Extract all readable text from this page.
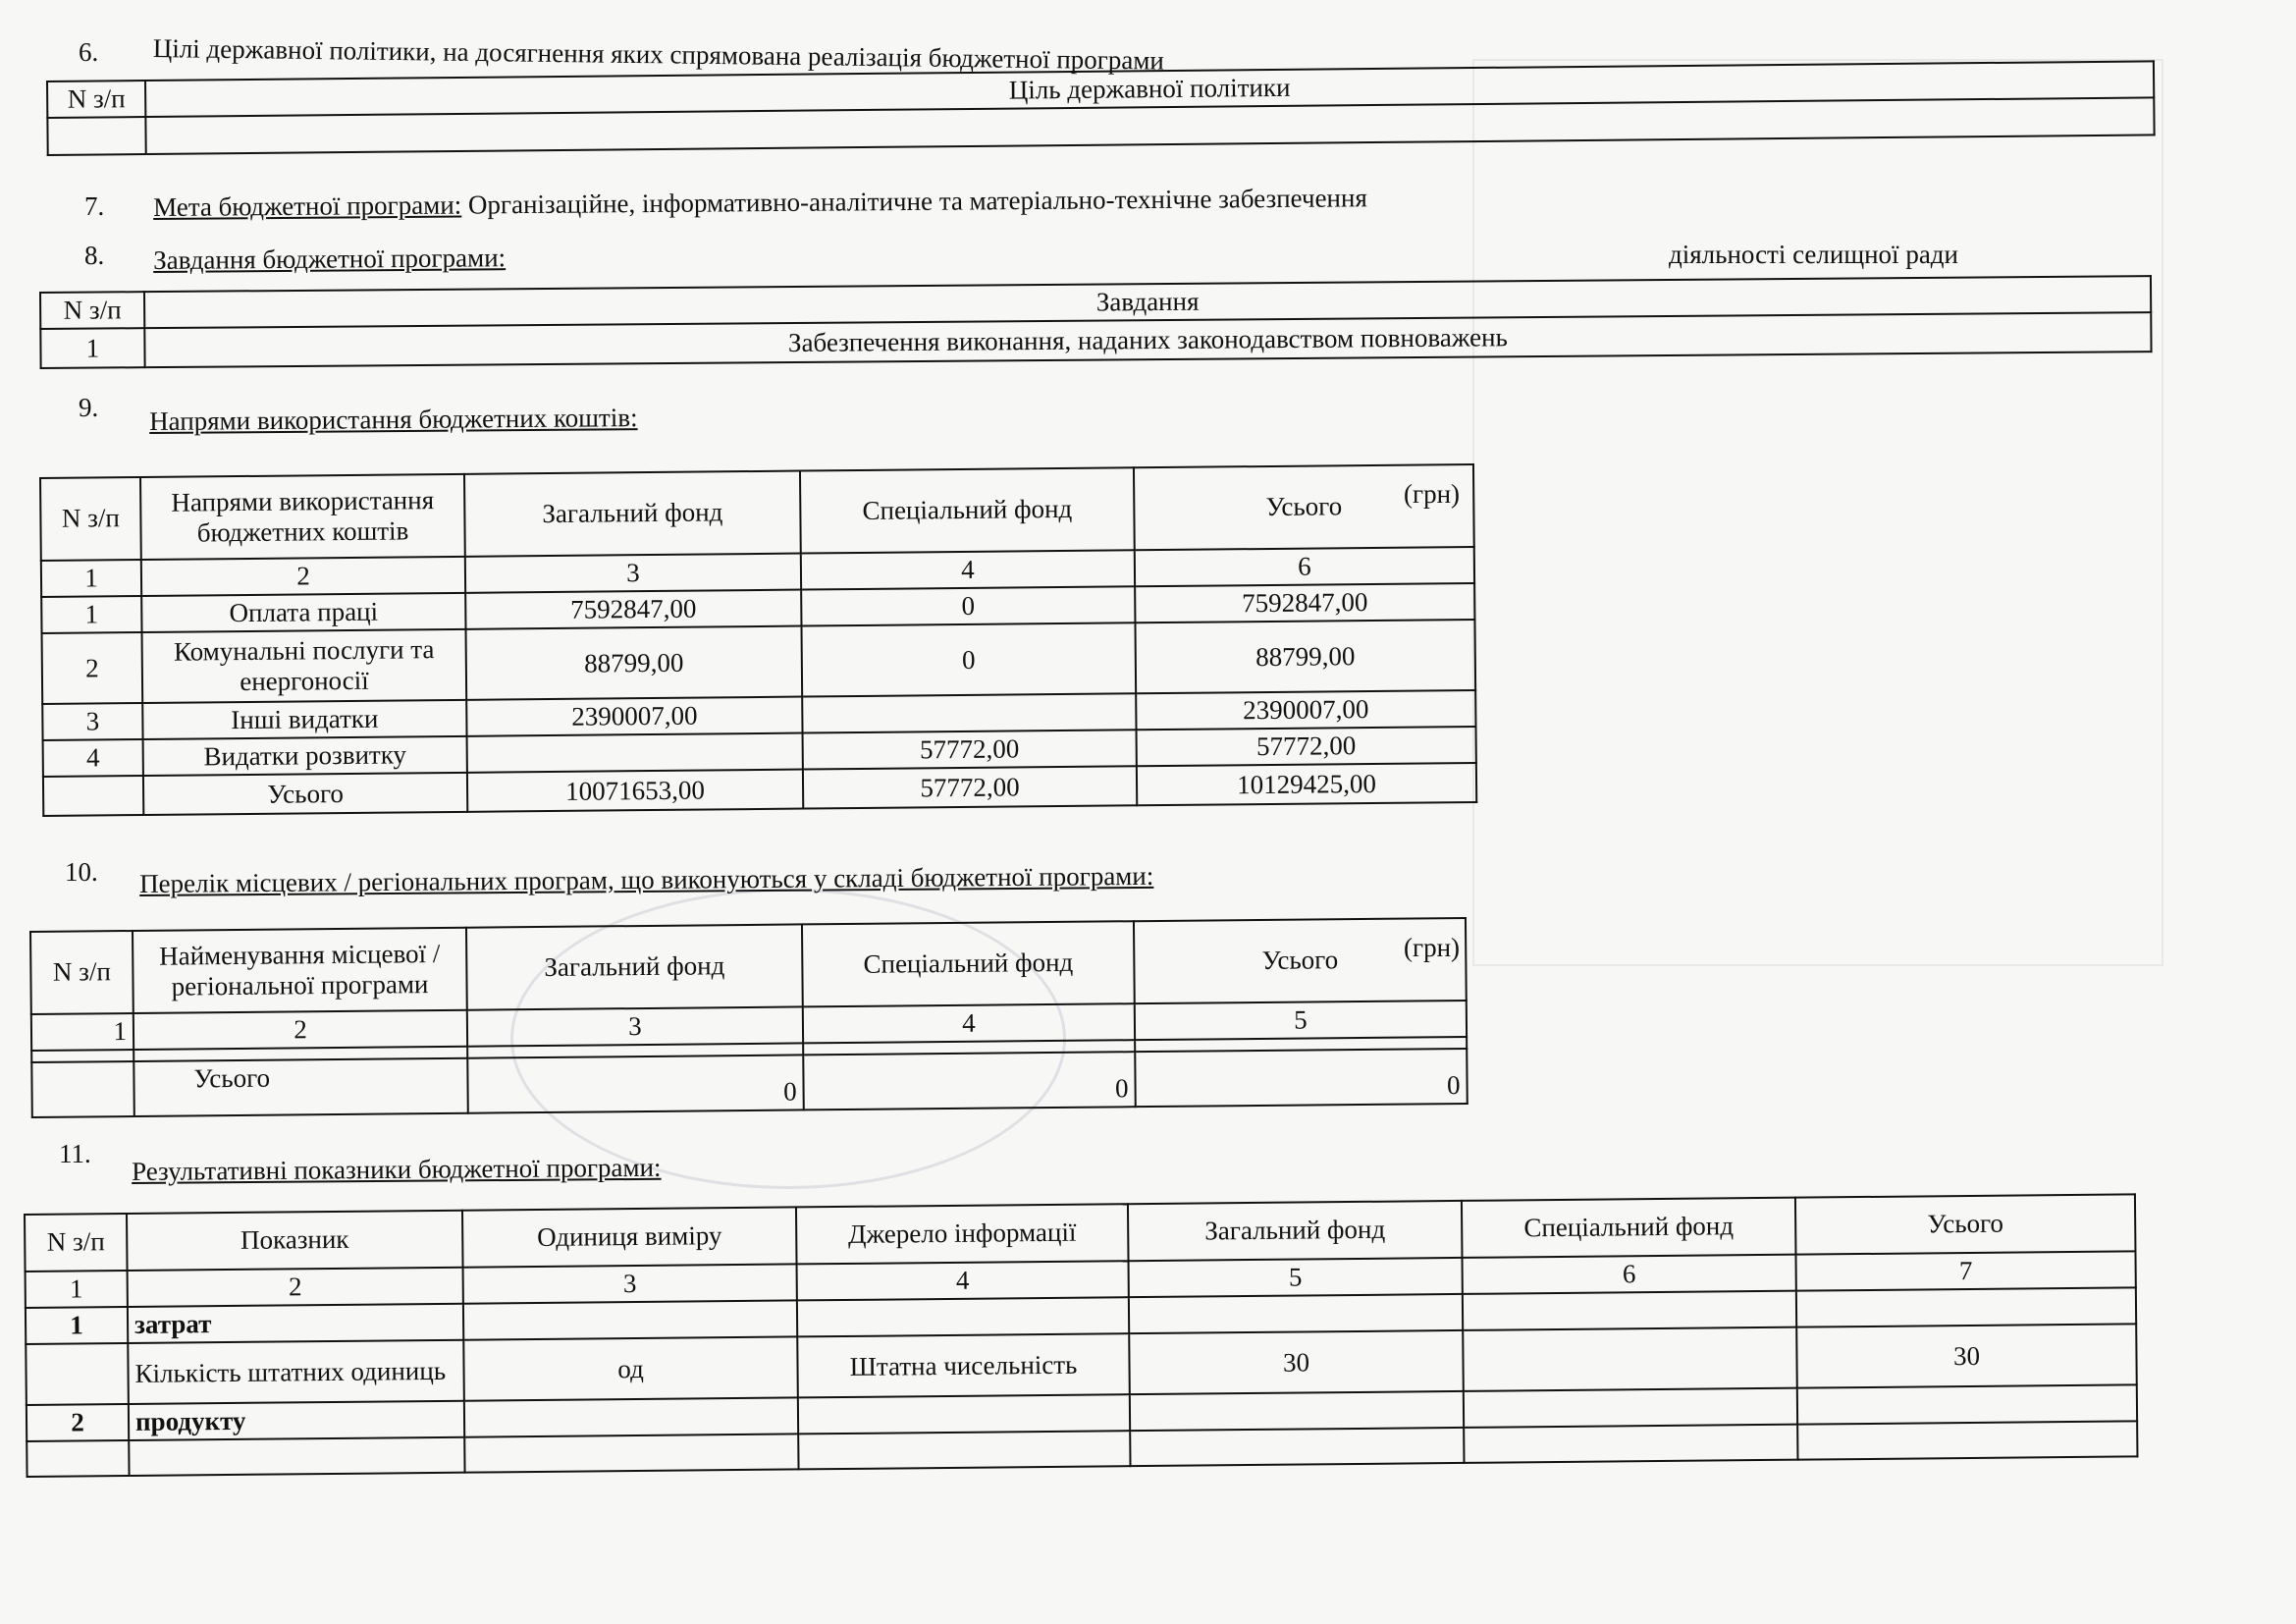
6. Цілі державної політики, на досягнення яких спрямована реалізація бюджетної програми
N з/п	Ціль державної політики

7. Мета бюджетної програми: Організаційне, інформативно-аналітичне та матеріально-технічне забезпечення
діяльності селищної ради
8. Завдання бюджетної програми:
N з/п	Завдання
1	Забезпечення виконання, наданих законодавством повноважень
9. Напрями використання бюджетних коштів:
(грн)
N з/п	Напрями використання бюджетних коштів	Загальний фонд	Спеціальний фонд	Усього
1	2	3	4	6
1	Оплата праці	7592847,00	0	7592847,00
2	Комунальні послуги та енергоносії	88799,00	0	88799,00
3	Інші видатки	2390007,00		2390007,00
4	Видатки розвитку		57772,00	57772,00
	Усього	10071653,00	57772,00	10129425,00
10. Перелік місцевих / регіональних програм, що виконуються у складі бюджетної програми:
(грн)
N з/п	Найменування місцевої / регіональної програми	Загальний фонд	Спеціальний фонд	Усього
1	2	3	4	5

	Усього	0	0	0
11. Результативні показники бюджетної програми:
N з/п	Показник	Одиниця виміру	Джерело інформації	Загальний фонд	Спеціальний фонд	Усього
1	2	3	4	5	6	7
1	затрат					
	Кількість штатних одиниць	од	Штатна чисельність	30		30
2	продукту					
